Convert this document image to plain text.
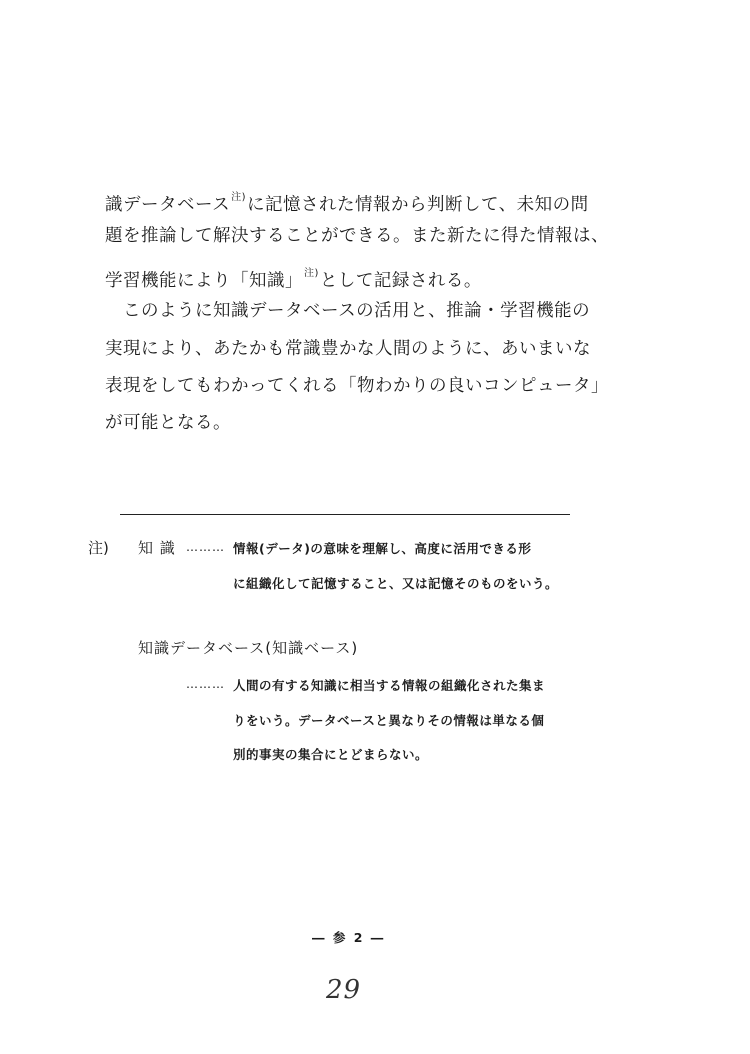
識データベース$^{注)}$に記憶された情報から判断して、未知の問
題を推論して解決することができる。また新たに得た情報は、
学習機能により「知識」$^{注)}$として記録される。
このように知識データベースの活用と、推論・学習機能の
実現により、あたかも常識豊かな人間のように、あいまいな
表現をしてもわかってくれる「物わかりの良いコンピュータ」
が可能となる。
注) 知 識 ……… 情報(データ)の意味を理解し、高度に活用できる形
に組織化して記憶すること、又は記憶そのものをいう。
知識データベース(知識ベース)
……… 人間の有する知識に相当する情報の組織化された集ま
りをいう。データベースと異なりその情報は単なる個
別的事実の集合にとどまらない。
― 参 2 ―
29
